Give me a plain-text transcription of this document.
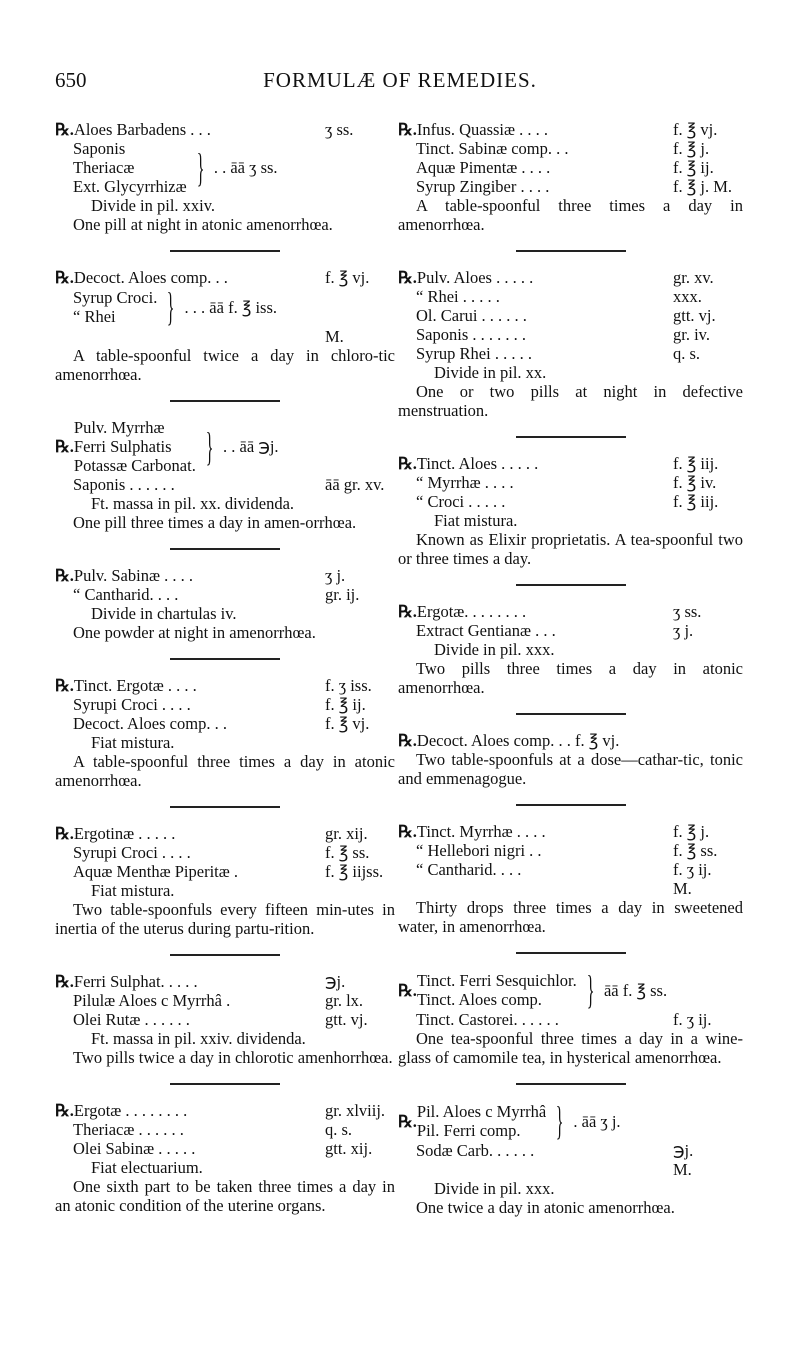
650	FORMULÆ OF REMEDIES.
℞. Aloes Barbadens . . .	ʒ ss.
Saponis
Theriacæ
Ext. Glycyrrhizæ } . . āā ʒ ss.
Divide in pil. xxiv.
One pill at night in atonic amenorrhœa.
℞. Decoct. Aloes comp. . .	f. ℥ vj.
Syrup Croci.
“ Rhei	} . . . āā f. ℥ iss.
M.
A table-spoonful twice a day in chloro-tic amenorrhœa.
℞.
Pulv. Myrrhæ
Ferri Sulphatis
Potassæ Carbonat. } . . āā ℈j.
Saponis . . . . . .	āā gr. xv.
Ft. massa in pil. xx. dividenda.
One pill three times a day in amen-orrhœa.
℞. Pulv. Sabinæ . . . .	ʒ j.
“ Cantharid. . . .	gr. ij.
Divide in chartulas iv.
One powder at night in amenorrhœa.
℞. Tinct. Ergotæ . . . .	f. ʒ iss.
Syrupi Croci . . . .	f. ℥ ij.
Decoct. Aloes comp. . .	f. ℥ vj.
Fiat mistura.
A table-spoonful three times a day in atonic amenorrhœa.
℞. Ergotinæ . . . . .	gr. xij.
Syrupi Croci . . . .	f. ℥ ss.
Aquæ Menthæ Piperitæ .	f. ℥ iijss.
Fiat mistura.
Two table-spoonfuls every fifteen min-utes in inertia of the uterus during partu-rition.
℞. Ferri Sulphat. . . . .	℈j.
Pilulæ Aloes c Myrrhâ .	gr. lx.
Olei Rutæ . . . . . .	gtt. vj.
Ft. massa in pil. xxiv. dividenda.
Two pills twice a day in chlorotic amenhorrhœa.
℞. Ergotæ . . . . . . . .	gr. xlviij.
Theriacæ . . . . . .	q. s.
Olei Sabinæ . . . . .	gtt. xij.
Fiat electuarium.
One sixth part to be taken three times a day in an atonic condition of the uterine organs.
℞. Infus. Quassiæ . . . .	f. ℥ vj.
Tinct. Sabinæ comp. . .	f. ℥ j.
Aquæ Pimentæ . . . .	f. ℥ ij.
Syrup Zingiber . . . .	f. ℥ j. M.
A table-spoonful three times a day in amenorrhœa.
℞. Pulv. Aloes . . . . .	gr. xv.
“ Rhei . . . . .	xxx.
Ol. Carui . . . . . .	gtt. vj.
Saponis . . . . . . .	gr. iv.
Syrup Rhei . . . . .	q. s.
Divide in pil. xx.
One or two pills at night in defective menstruation.
℞. Tinct. Aloes . . . . .	f. ℥ iij.
“ Myrrhæ . . . .	f. ℥ iv.
“ Croci . . . . .	f. ℥ iij.
Fiat mistura.
Known as Elixir proprietatis. A tea-spoonful two or three times a day.
℞. Ergotæ. . . . . . . .	ʒ ss.
Extract Gentianæ . . .	ʒ j.
Divide in pil. xxx.
Two pills three times a day in atonic amenorrhœa.
℞. Decoct. Aloes comp. . . f. ℥ vj.
Two table-spoonfuls at a dose—cathar-tic, tonic and emmenagogue.
℞. Tinct. Myrrhæ . . . .	f. ℥ j.
“ Hellebori nigri . .	f. ℥ ss.
“ Cantharid. . . .	f. ʒ ij.
M.
Thirty drops three times a day in sweetened water, in amenorrhœa.
℞. Tinct. Ferri Sesquichlor.
Tinct. Aloes comp.	} āā f. ℥ ss.
Tinct. Castorei. . . . . .	f. ʒ ij.
One tea-spoonful three times a day in a wine-glass of camomile tea, in hysterical amenorrhœa.
℞. Pil. Aloes c Myrrhâ
Pil. Ferri comp. } . āā ʒ j.
Sodæ Carb. . . . . .	℈j.
M.
Divide in pil. xxx.
One twice a day in atonic amenorrhœa.
